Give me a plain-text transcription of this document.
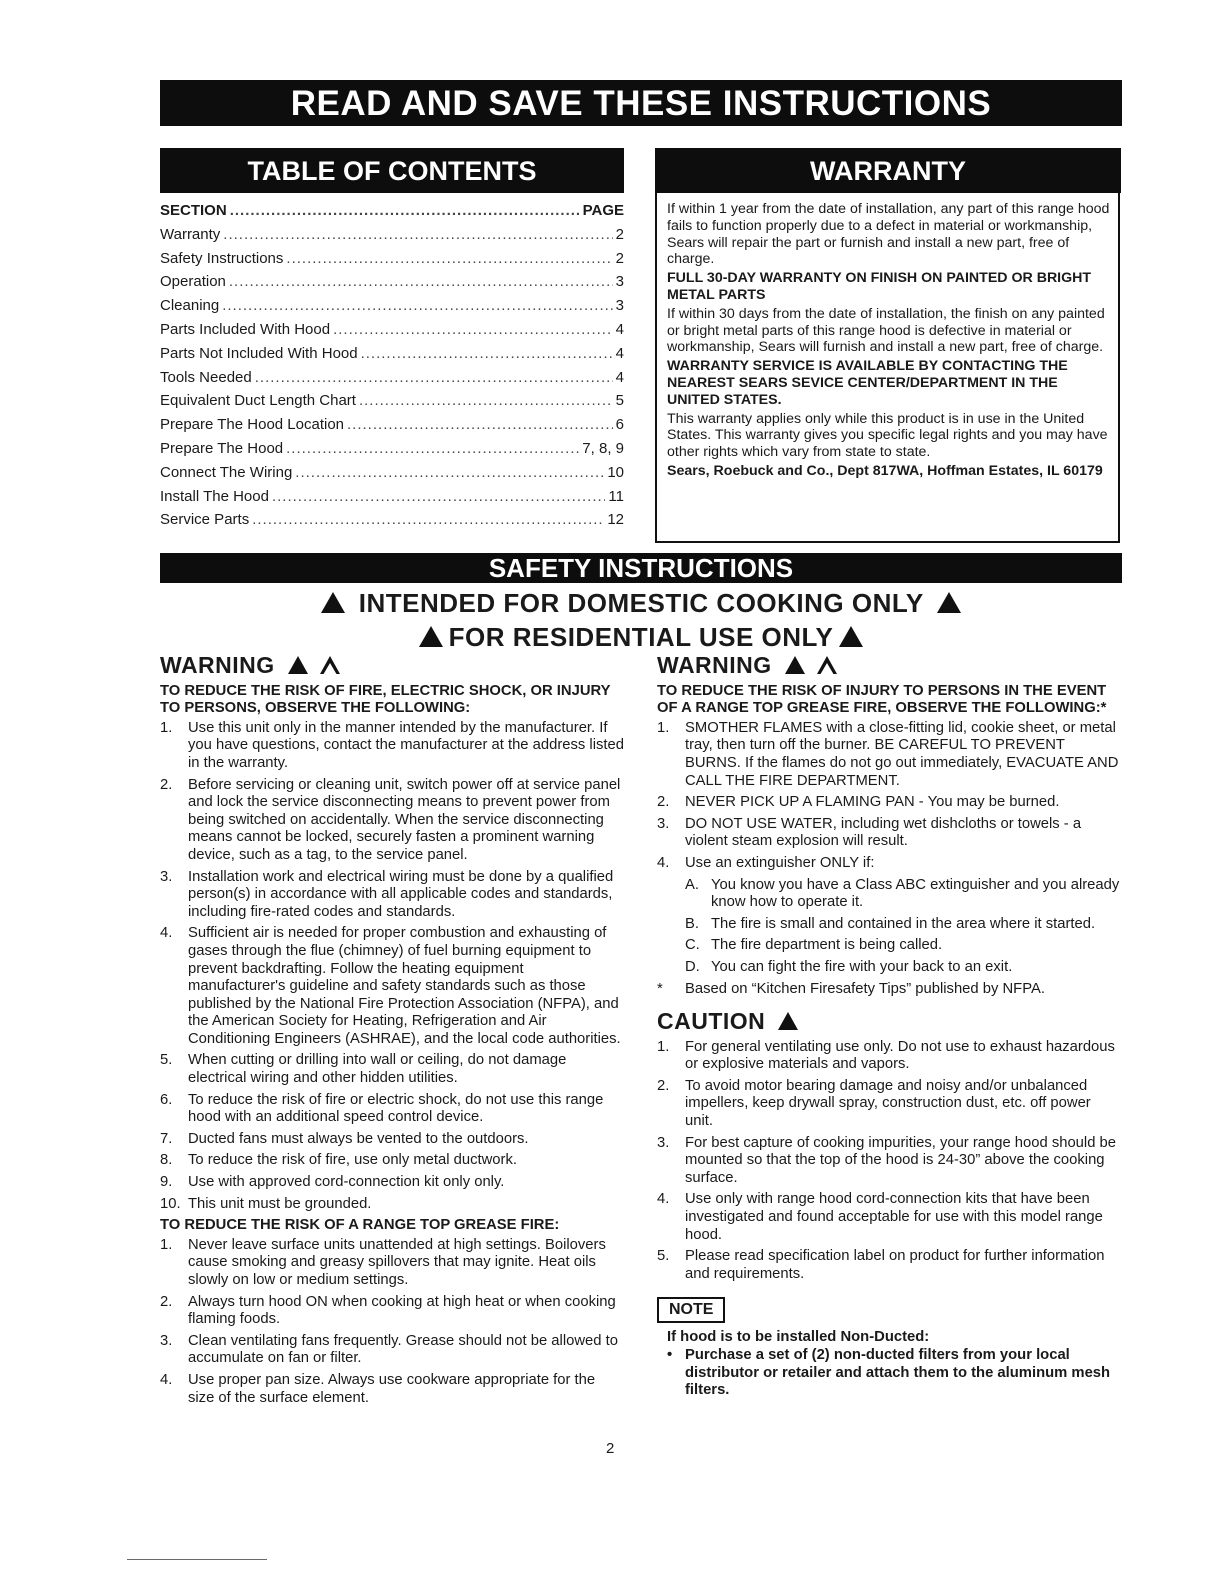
READ AND SAVE THESE INSTRUCTIONS
TABLE OF CONTENTS	WARRANTY
SECTION .....	PAGE
Warranty .....	2
Safety Instructions .....	2
Operation .....	3
Cleaning .....	3
Parts Included With Hood .....	4
Parts Not Included With Hood .....	4
Tools Needed .....	4
Equivalent Duct Length Chart .....	5
Prepare The Hood Location .....	6
Prepare The Hood .....	7, 8, 9
Connect The Wiring .....	10
Install The Hood .....	11
Service Parts .....	12

If within 1 year from the date of installation, any part of this range hood fails to function properly due to a defect in material or workmanship, Sears will repair the part or furnish and install a new part, free of charge.

FULL 30-DAY WARRANTY ON FINISH ON PAINTED OR BRIGHT METAL PARTS

If within 30 days from the date of installation, the finish on any painted or bright metal parts of this range hood is defective in material or workmanship, Sears will furnish and install a new part, free of charge.

WARRANTY SERVICE IS AVAILABLE BY CONTACTING THE NEAREST SEARS SEVICE CENTER/DEPARTMENT IN THE UNITED STATES.

This warranty applies only while this product is in use in the United States. This warranty gives you specific legal rights and you may have other rights which vary from state to state.

Sears, Roebuck and Co., Dept 817WA, Hoffman Estates, IL 60179

SAFETY INSTRUCTIONS
INTENDED FOR DOMESTIC COOKING ONLY
FOR RESIDENTIAL USE ONLY
WARNING

TO REDUCE THE RISK OF FIRE, ELECTRIC SHOCK, OR INJURY TO PERSONS, OBSERVE THE FOLLOWING:

1.	Use this unit only in the manner intended by the manufacturer. If you have questions, contact the manufacturer at the address listed in the warranty.
2.	Before servicing or cleaning unit, switch power off at service panel and lock the service disconnecting means to prevent power from being switched on accidentally. When the service disconnecting means cannot be locked, securely fasten a prominent warning device, such as a tag, to the service panel.
3.	Installation work and electrical wiring must be done by a qualified person(s) in accordance with all applicable codes and standards, including fire-rated codes and standards.
4.	Sufficient air is needed for proper combustion and exhausting of gases through the flue (chimney) of fuel burning equipment to prevent backdrafting. Follow the heating equipment manufacturer's guideline and safety standards such as those published by the National Fire Protection Association (NFPA), and the American Society for Heating, Refrigeration and Air Conditioning Engineers (ASHRAE), and the local code authorities.
5.	When cutting or drilling into wall or ceiling, do not damage electrical wiring and other hidden utilities.
6.	To reduce the risk of fire or electric shock, do not use this range hood with an additional speed control device.
7.	Ducted fans must always be vented to the outdoors.
8.	To reduce the risk of fire, use only metal ductwork.
9.	Use with approved cord-connection kit only only.
10. This unit must be grounded.

TO REDUCE THE RISK OF A RANGE TOP GREASE FIRE:

1.	Never leave surface units unattended at high settings. Boilovers cause smoking and greasy spillovers that may ignite. Heat oils slowly on low or medium settings.
2.	Always turn hood ON when cooking at high heat or when cooking flaming foods.
3.	Clean ventilating fans frequently. Grease should not be allowed to accumulate on fan or filter.
4.	Use proper pan size. Always use cookware appropriate for the size of the surface element.
2
WARNING

TO REDUCE THE RISK OF INJURY TO PERSONS IN THE EVENT OF A RANGE TOP GREASE FIRE, OBSERVE THE FOLLOWING:*

1.	SMOTHER FLAMES with a close-fitting lid, cookie sheet, or metal tray, then turn off the burner. BE CAREFUL TO PREVENT BURNS. If the flames do not go out immediately, EVACUATE AND CALL THE FIRE DEPARTMENT.
2.	NEVER PICK UP A FLAMING PAN - You may be burned.
3.	DO NOT USE WATER, including wet dishcloths or towels - a violent steam explosion will result.
4.	Use an extinguisher ONLY if:
A. You know you have a Class ABC extinguisher and you already know how to operate it.
B. The fire is small and contained in the area where it started.
C. The fire department is being called.
D. You can fight the fire with your back to an exit.
*	Based on “Kitchen Firesafety Tips” published by NFPA.
CAUTION
1.	For general ventilating use only. Do not use to exhaust hazardous or explosive materials and vapors.
2.	To avoid motor bearing damage and noisy and/or unbalanced impellers, keep drywall spray, construction dust, etc. off power unit.
3.	For best capture of cooking impurities, your range hood should be mounted so that the top of the hood is 24-30” above the cooking surface.
4.	Use only with range hood cord-connection kits that have been investigated and found acceptable for use with this model range hood.
5.	Please read specification label on product for further information and requirements.
NOTE
If hood is to be installed Non-Ducted:
• Purchase a set of (2) non-ducted filters from your local distributor or retailer and attach them to the aluminum mesh filters.
